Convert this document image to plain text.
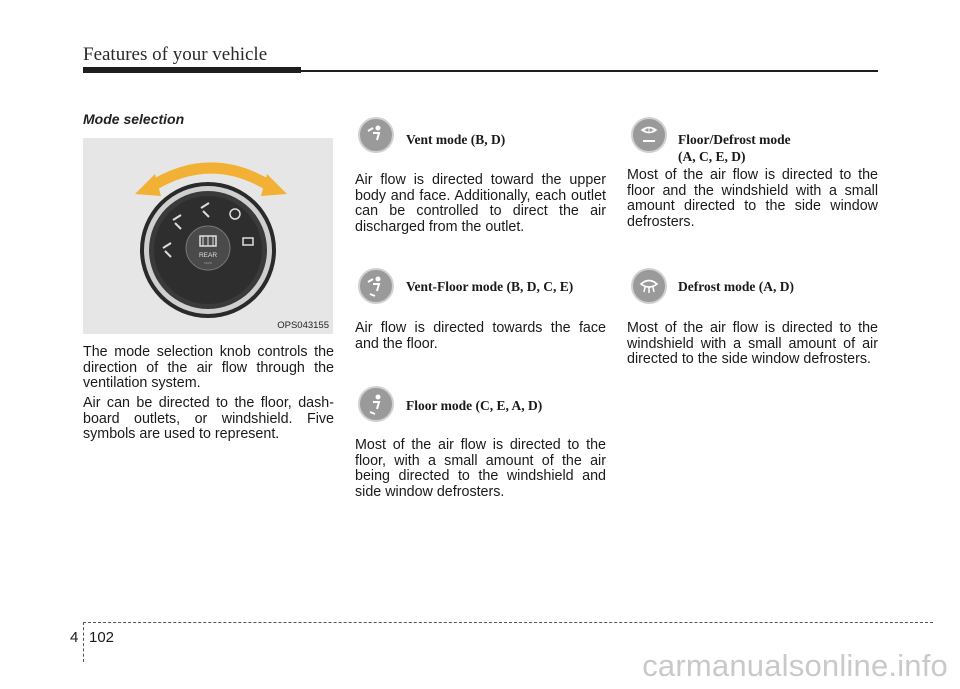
Features of your vehicle
Mode selection
REAR
OPS043155

The mode selection knob controls the direction of the air flow through the ventilation system.

Air can be directed to the floor, dash-board outlets, or windshield. Five symbols are used to represent.

Vent mode (B, D)

Air flow is directed toward the upper body and face. Additionally, each outlet can be controlled to direct the air discharged from the outlet.

Vent-Floor mode (B, D, C, E)

Air flow is directed towards the face and the floor.

Floor mode (C, E, A, D)

Most of the air flow is directed to the floor, with a small amount of the air being directed to the windshield and side window defrosters.

Floor/Defrost mode
(A, C, E, D)

Most of the air flow is directed to the floor and the windshield with a small amount directed to the side window defrosters.

Defrost mode (A, D)

Most of the air flow is directed to the windshield with a small amount of air directed to the side window defrosters.

4 102
carmanualsonline.info
